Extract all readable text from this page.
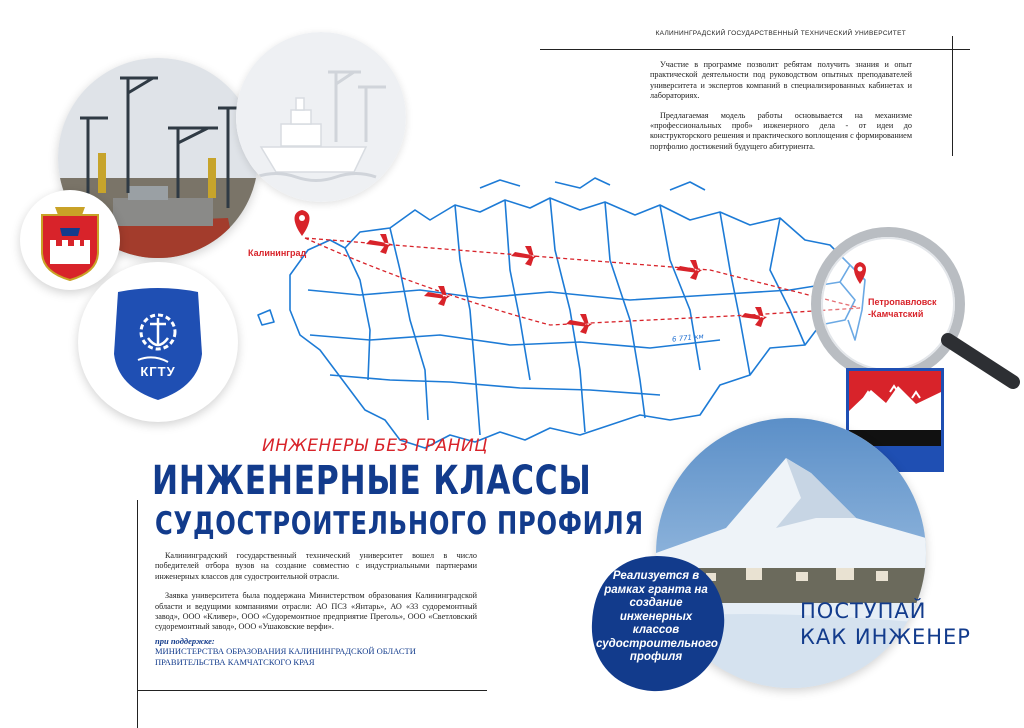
КАЛИНИНГРАДСКИЙ ГОСУДАРСТВЕННЫЙ ТЕХНИЧЕСКИЙ УНИВЕРСИТЕТ
Участие в программе позволит ребятам получить знания и опыт практической деятельности под руководством опытных преподавателей университета и экспертов компаний в специализированных кабинетах и лабораториях.
Предлагаемая модель работы основывается на механизме «профессиональных проб» инженерного дела - от идеи до конструкторского решения и практического воплощения с формированием портфолио достижений будущего абитуриента.
КГТУ
Калининград
Петропавловск
-Камчатский
6 771 км
Реализуется в рамках гранта на создание инженерных классов судостроительного профиля
ПОСТУПАЙ
КАК ИНЖЕНЕР
ИНЖЕНЕРЫ БЕЗ ГРАНИЦ
ИНЖЕНЕРНЫЕ КЛАССЫ
СУДОСТРОИТЕЛЬНОГО ПРОФИЛЯ
Калининградский государственный технический университет вошел в число победителей отбора вузов на создание совместно с индустриальными партнерами инженерных классов для судостроительной отрасли.
Заявка университета была поддержана Министерством образования Калининградской области и ведущими компаниями отрасли: АО ПСЗ «Янтарь», АО «33 судоремонтный завод», ООО «Кливер», ООО «Судоремонтное предприятие Преголь», ООО «Светловский судоремонтный завод», ООО «Ушаковские верфи».
при поддержке:
МИНИСТЕРСТВА ОБРАЗОВАНИЯ КАЛИНИНГРАДСКОЙ ОБЛАСТИ
ПРАВИТЕЛЬСТВА КАМЧАТСКОГО КРАЯ
